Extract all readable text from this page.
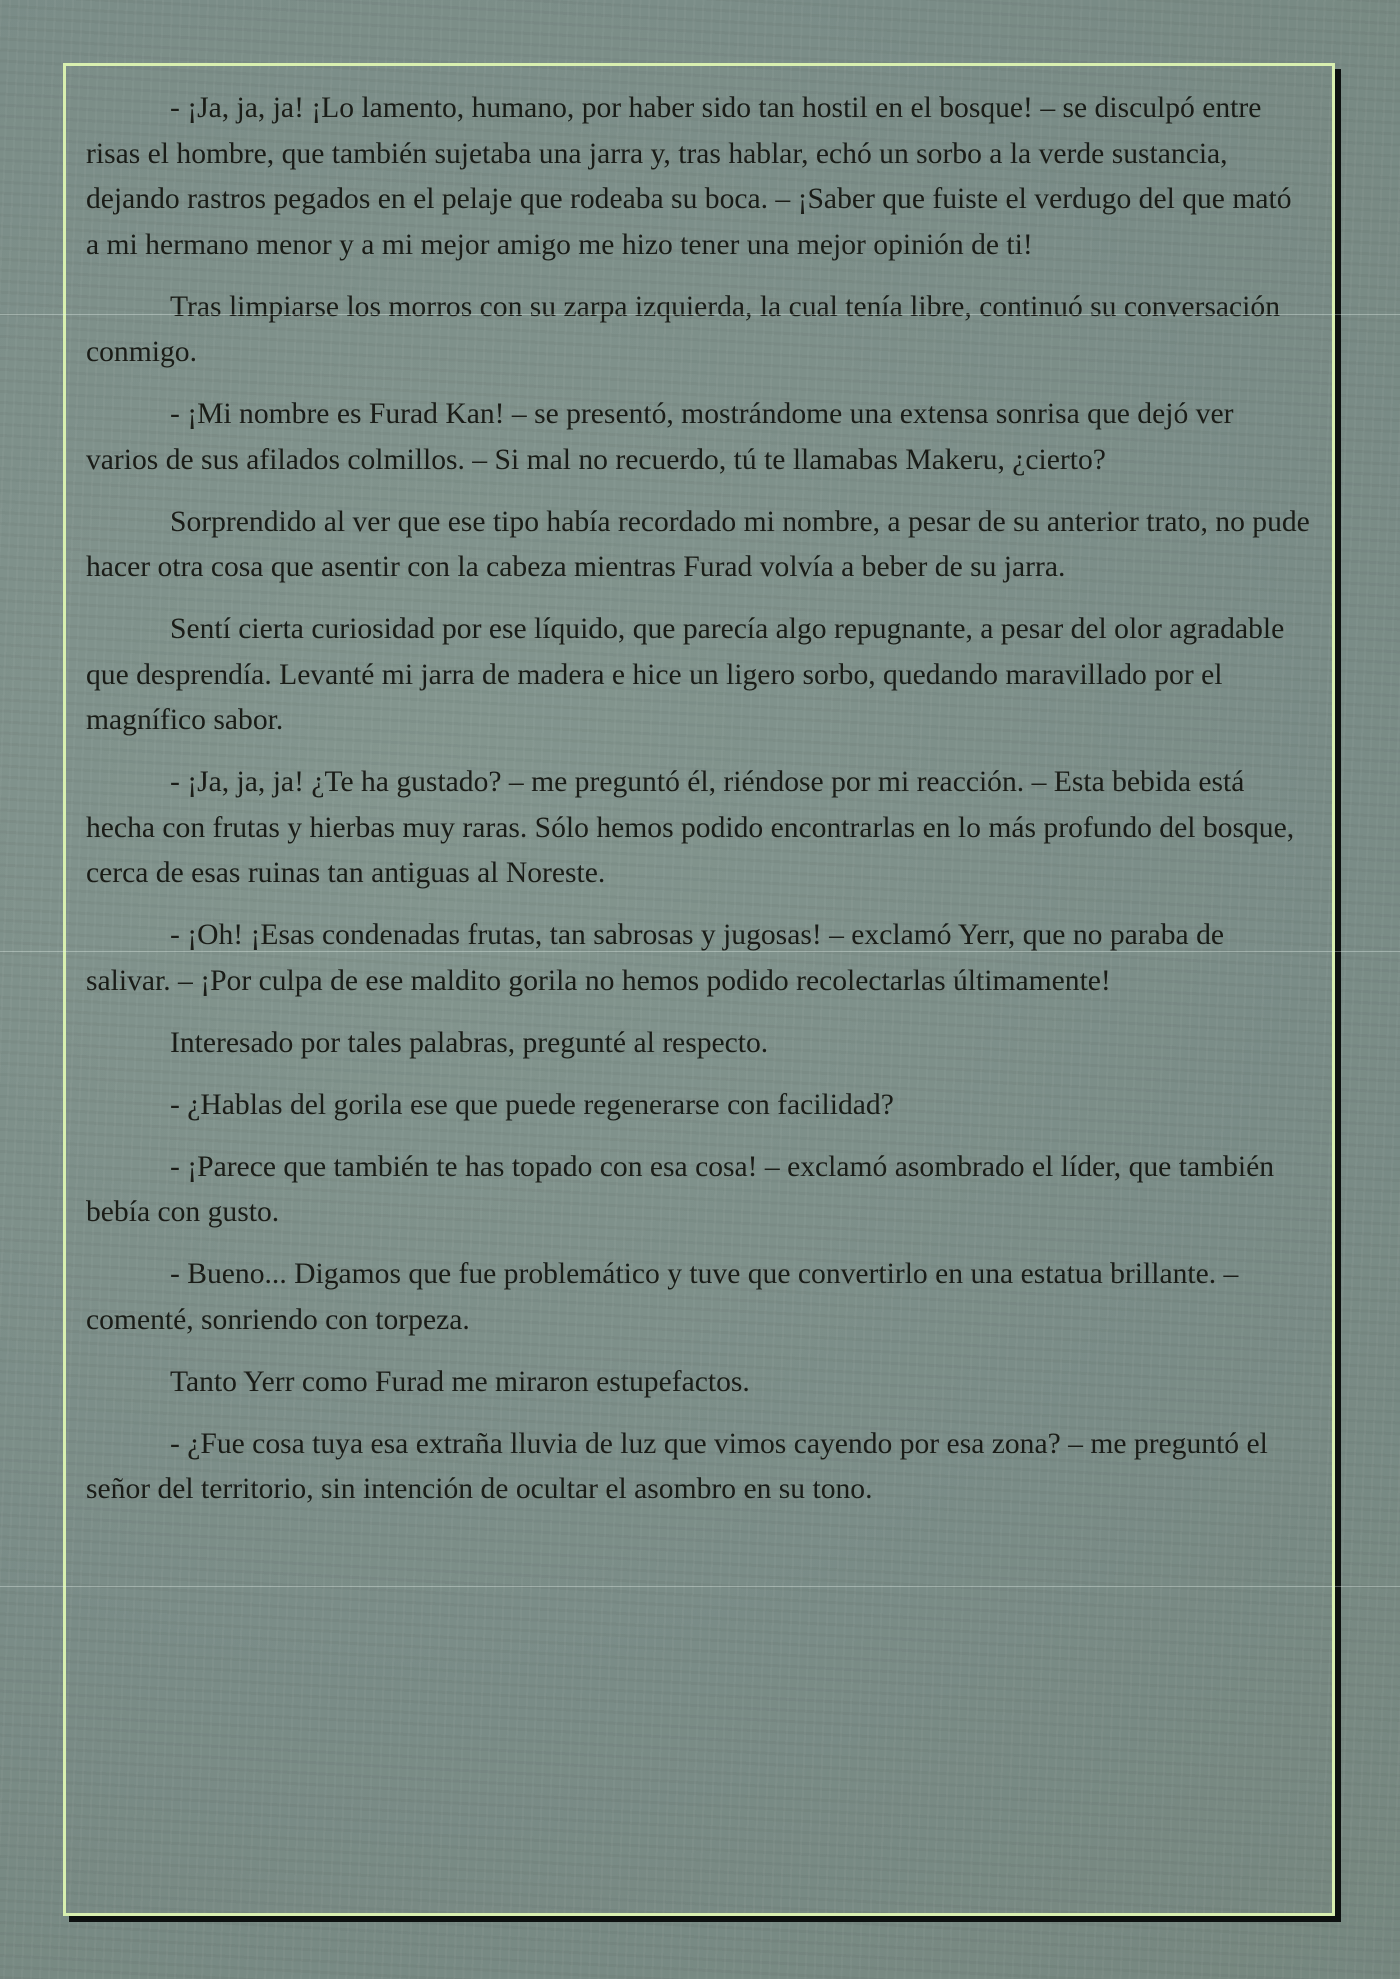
- ¡Ja, ja, ja! ¡Lo lamento, humano, por haber sido tan hostil en el bosque! – se disculpó entre risas el hombre, que también sujetaba una jarra y, tras hablar, echó un sorbo a la verde sustancia, dejando rastros pegados en el pelaje que rodeaba su boca. – ¡Saber que fuiste el verdugo del que mató a mi hermano menor y a mi mejor amigo me hizo tener una mejor opinión de ti!

Tras limpiarse los morros con su zarpa izquierda, la cual tenía libre, continuó su conversación conmigo.

- ¡Mi nombre es Furad Kan! – se presentó, mostrándome una extensa sonrisa que dejó ver varios de sus afilados colmillos. – Si mal no recuerdo, tú te llamabas Makeru, ¿cierto?

Sorprendido al ver que ese tipo había recordado mi nombre, a pesar de su anterior trato, no pude hacer otra cosa que asentir con la cabeza mientras Furad volvía a beber de su jarra.

Sentí cierta curiosidad por ese líquido, que parecía algo repugnante, a pesar del olor agradable que desprendía. Levanté mi jarra de madera e hice un ligero sorbo, quedando maravillado por el magnífico sabor.

- ¡Ja, ja, ja! ¿Te ha gustado? – me preguntó él, riéndose por mi reacción. – Esta bebida está hecha con frutas y hierbas muy raras. Sólo hemos podido encontrarlas en lo más profundo del bosque, cerca de esas ruinas tan antiguas al Noreste.

- ¡Oh! ¡Esas condenadas frutas, tan sabrosas y jugosas! – exclamó Yerr, que no paraba de salivar. – ¡Por culpa de ese maldito gorila no hemos podido recolectarlas últimamente!

Interesado por tales palabras, pregunté al respecto.

- ¿Hablas del gorila ese que puede regenerarse con facilidad?

- ¡Parece que también te has topado con esa cosa! – exclamó asombrado el líder, que también bebía con gusto.

- Bueno... Digamos que fue problemático y tuve que convertirlo en una estatua brillante. – comenté, sonriendo con torpeza.

Tanto Yerr como Furad me miraron estupefactos.

- ¿Fue cosa tuya esa extraña lluvia de luz que vimos cayendo por esa zona? – me preguntó el señor del territorio, sin intención de ocultar el asombro en su tono.
